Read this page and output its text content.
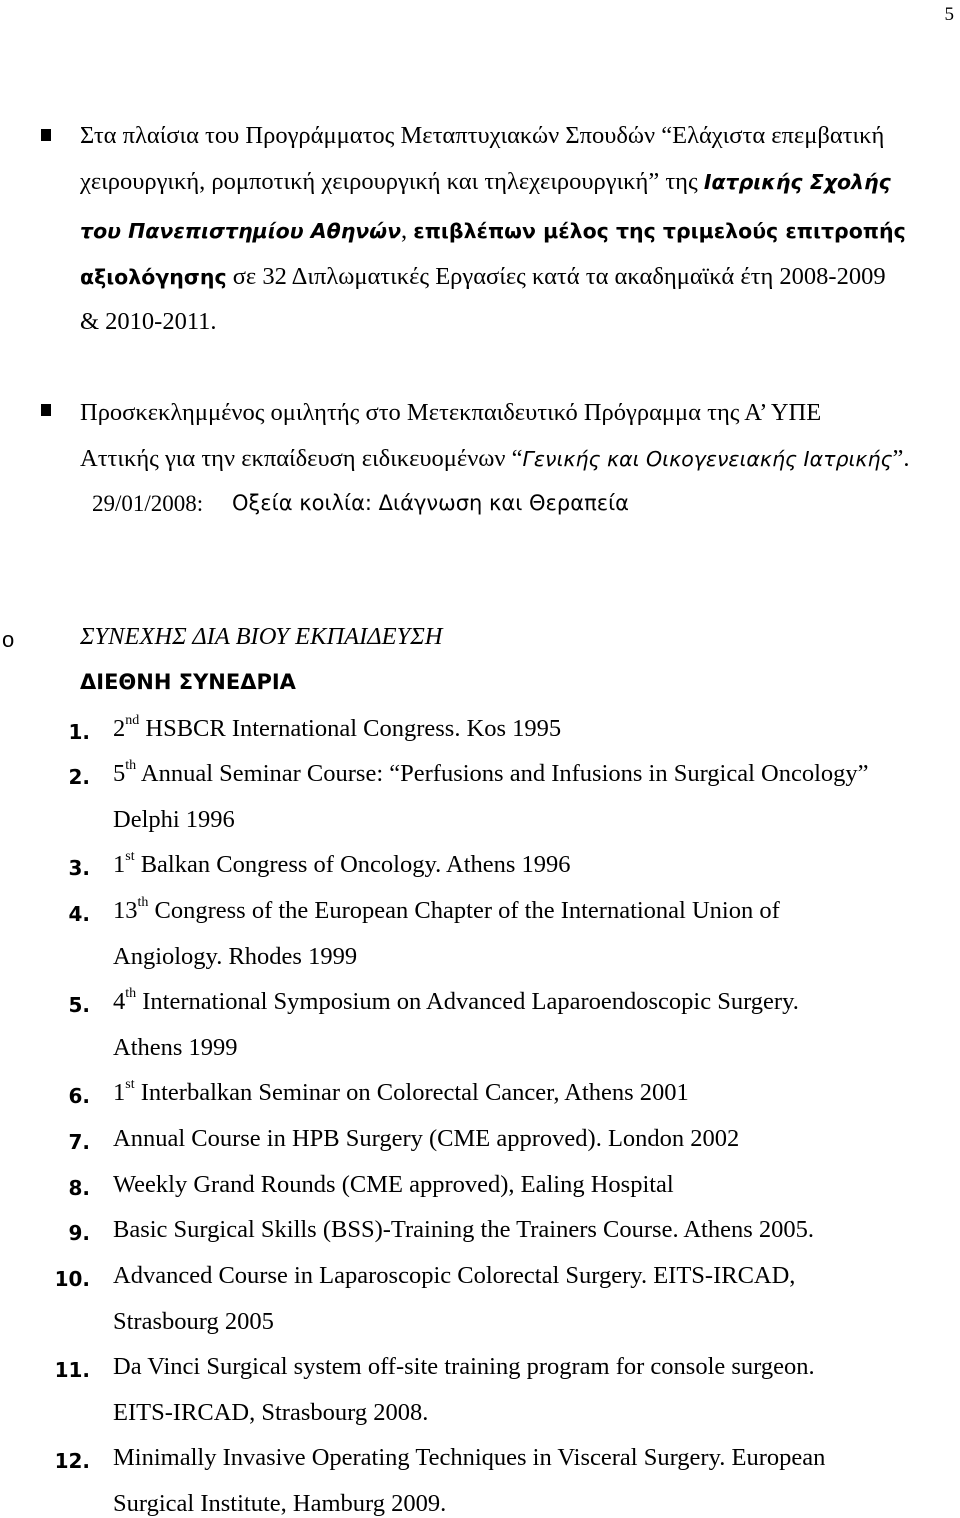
5
Στα πλαίσια του Προγράμματος Μεταπτυχιακών Σπουδών “Ελάχιστα επεμβατική
χειρουργική, ρομποτική χειρουργική και τηλεχειρουργική” της Ιατρικής Σχολής
του Πανεπιστημίου Αθηνών, επιβλέπων μέλος της τριμελούς επιτροπής
αξιολόγησης σε 32 Διπλωματικές Εργασίες κατά τα ακαδημαϊκά έτη 2008-2009
& 2010-2011.
Προσκεκλημμένος ομιλητής στο Μετεκπαιδευτικό Πρόγραμμα της Α’ ΥΠΕ
Αττικής για την εκπαίδευση ειδικευομένων “Γενικής και Οικογενειακής Ιατρικής”.
29/01/2008: Οξεία κοιλία: Διάγνωση και Θεραπεία
o	ΣΥΝΕΧΗΣ ΔΙΑ ΒΙΟΥ ΕΚΠΑΙΔΕΥΣΗ
ΔΙΕΘΝΗ ΣΥΝΕΔΡΙΑ
1. 2nd HSBCR International Congress. Kos 1995
2. 5th Annual Seminar Course: “Perfusions and Infusions in Surgical Oncology”
Delphi 1996
3. 1st Balkan Congress of Oncology. Athens 1996
4. 13th Congress of the European Chapter of the International Union of
Angiology. Rhodes 1999
5. 4th International Symposium on Advanced Laparoendoscopic Surgery.
Athens 1999
6. 1st Interbalkan Seminar on Colorectal Cancer, Athens 2001
7. Annual Course in HPB Surgery (CME approved). London 2002
8. Weekly Grand Rounds (CME approved), Ealing Hospital
9. Basic Surgical Skills (BSS)-Training the Trainers Course. Athens 2005.
10. Advanced Course in Laparoscopic Colorectal Surgery. EITS-IRCAD,
Strasbourg 2005
11. Da Vinci Surgical system off-site training program for console surgeon.
EITS-IRCAD, Strasbourg 2008.
12. Minimally Invasive Operating Techniques in Visceral Surgery. European
Surgical Institute, Hamburg 2009.
